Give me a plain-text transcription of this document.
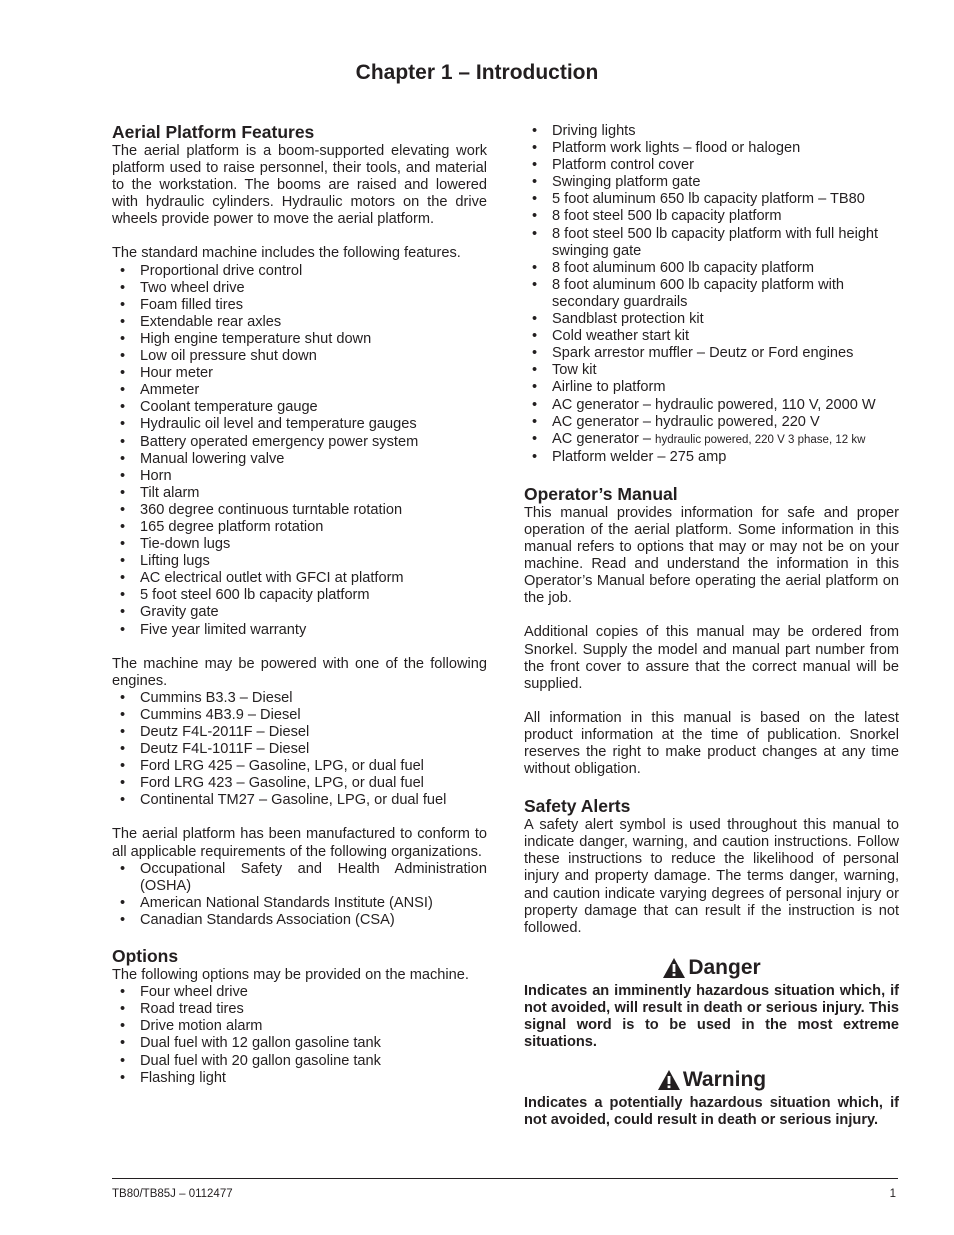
Chapter 1 – Introduction
Aerial Platform Features

The aerial platform is a boom-supported elevating work platform used to raise personnel, their tools, and material to the workstation. The booms are raised and lowered with hydraulic cylinders. Hydraulic motors on the drive wheels provide power to move the aerial platform.

The standard machine includes the following features.

• Proportional drive control
• Two wheel drive
• Foam filled tires
• Extendable rear axles
• High engine temperature shut down
• Low oil pressure shut down
• Hour meter
• Ammeter
• Coolant temperature gauge
• Hydraulic oil level and temperature gauges
• Battery operated emergency power system
• Manual lowering valve
• Horn
• Tilt alarm
• 360 degree continuous turntable rotation
• 165 degree platform rotation
• Tie-down lugs
• Lifting lugs
• AC electrical outlet with GFCI at platform
• 5 foot steel 600 lb capacity platform
• Gravity gate
• Five year limited warranty

The machine may be powered with one of the following engines.

• Cummins B3.3 – Diesel
• Cummins 4B3.9 – Diesel
• Deutz F4L-2011F – Diesel
• Deutz F4L-1011F – Diesel
• Ford LRG 425 – Gasoline, LPG, or dual fuel
• Ford LRG 423 – Gasoline, LPG, or dual fuel
• Continental TM27 – Gasoline, LPG, or dual fuel

The aerial platform has been manufactured to conform to all applicable requirements of the following organizations.

• Occupational Safety and Health Administration (OSHA)
• American National Standards Institute (ANSI)
• Canadian Standards Association (CSA)
Options

The following options may be provided on the machine.

• Four wheel drive
• Road tread tires
• Drive motion alarm
• Dual fuel with 12 gallon gasoline tank
• Dual fuel with 20 gallon gasoline tank
• Flashing light
• Driving lights
• Platform work lights – flood or halogen
• Platform control cover
• Swinging platform gate
• 5 foot aluminum 650 lb capacity platform – TB80
• 8 foot steel 500 lb capacity platform
• 8 foot steel 500 lb capacity platform with full height swinging gate
• 8 foot aluminum 600 lb capacity platform
• 8 foot aluminum 600 lb capacity platform with secondary guardrails
• Sandblast protection kit
• Cold weather start kit
• Spark arrestor muffler – Deutz or Ford engines
• Tow kit
• Airline to platform
• AC generator – hydraulic powered, 110 V, 2000 W
• AC generator – hydraulic powered, 220 V
• AC generator – hydraulic powered, 220 V 3 phase, 12 kw
• Platform welder – 275 amp
Operator’s Manual

This manual provides information for safe and proper operation of the aerial platform. Some information in this manual refers to options that may or may not be on your machine. Read and understand the information in this Operator’s Manual before operating the aerial platform on the job.

Additional copies of this manual may be ordered from Snorkel. Supply the model and manual part number from the front cover to assure that the correct manual will be supplied.

All information in this manual is based on the latest product information at the time of publication. Snorkel reserves the right to make product changes at any time without obligation.

Safety Alerts

A safety alert symbol is used throughout this manual to indicate danger, warning, and caution instructions. Follow these instructions to reduce the likelihood of personal injury and property damage. The terms danger, warning, and caution indicate varying degrees of personal injury or property damage that can result if the instruction is not followed.

Danger

Indicates an imminently hazardous situation which, if not avoided, will result in death or serious injury. This signal word is to be used in the most extreme situations.

Warning

Indicates a potentially hazardous situation which, if not avoided, could result in death or serious injury.

TB80/TB85J – 0112477	1
